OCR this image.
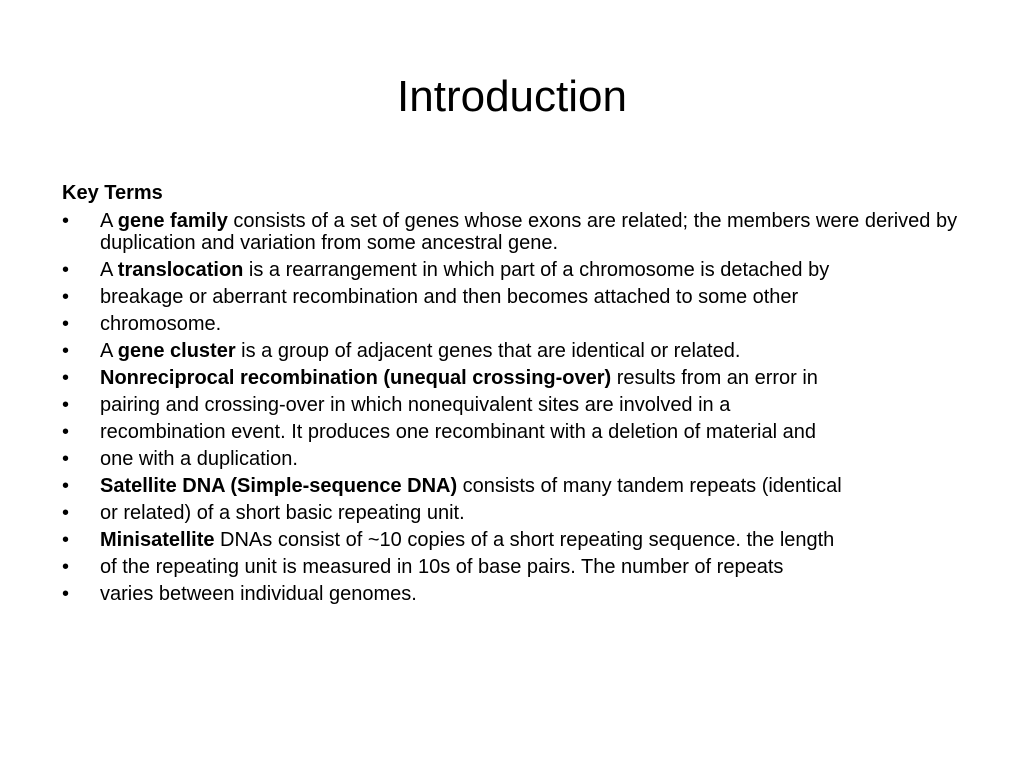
Introduction

Key Terms

• A gene family consists of a set of genes whose exons are related; the members were derived by duplication and variation from some ancestral gene.
• A translocation is a rearrangement in which part of a chromosome is detached by
• breakage or aberrant recombination and then becomes attached to some other
• chromosome.
• A gene cluster is a group of adjacent genes that are identical or related.
• Nonreciprocal recombination (unequal crossing-over) results from an error in
• pairing and crossing-over in which nonequivalent sites are involved in a
• recombination event. It produces one recombinant with a deletion of material and
• one with a duplication.
• Satellite DNA (Simple-sequence DNA) consists of many tandem repeats (identical
• or related) of a short basic repeating unit.
• Minisatellite DNAs consist of ~10 copies of a short repeating sequence. the length
• of the repeating unit is measured in 10s of base pairs. The number of repeats
• varies between individual genomes.
